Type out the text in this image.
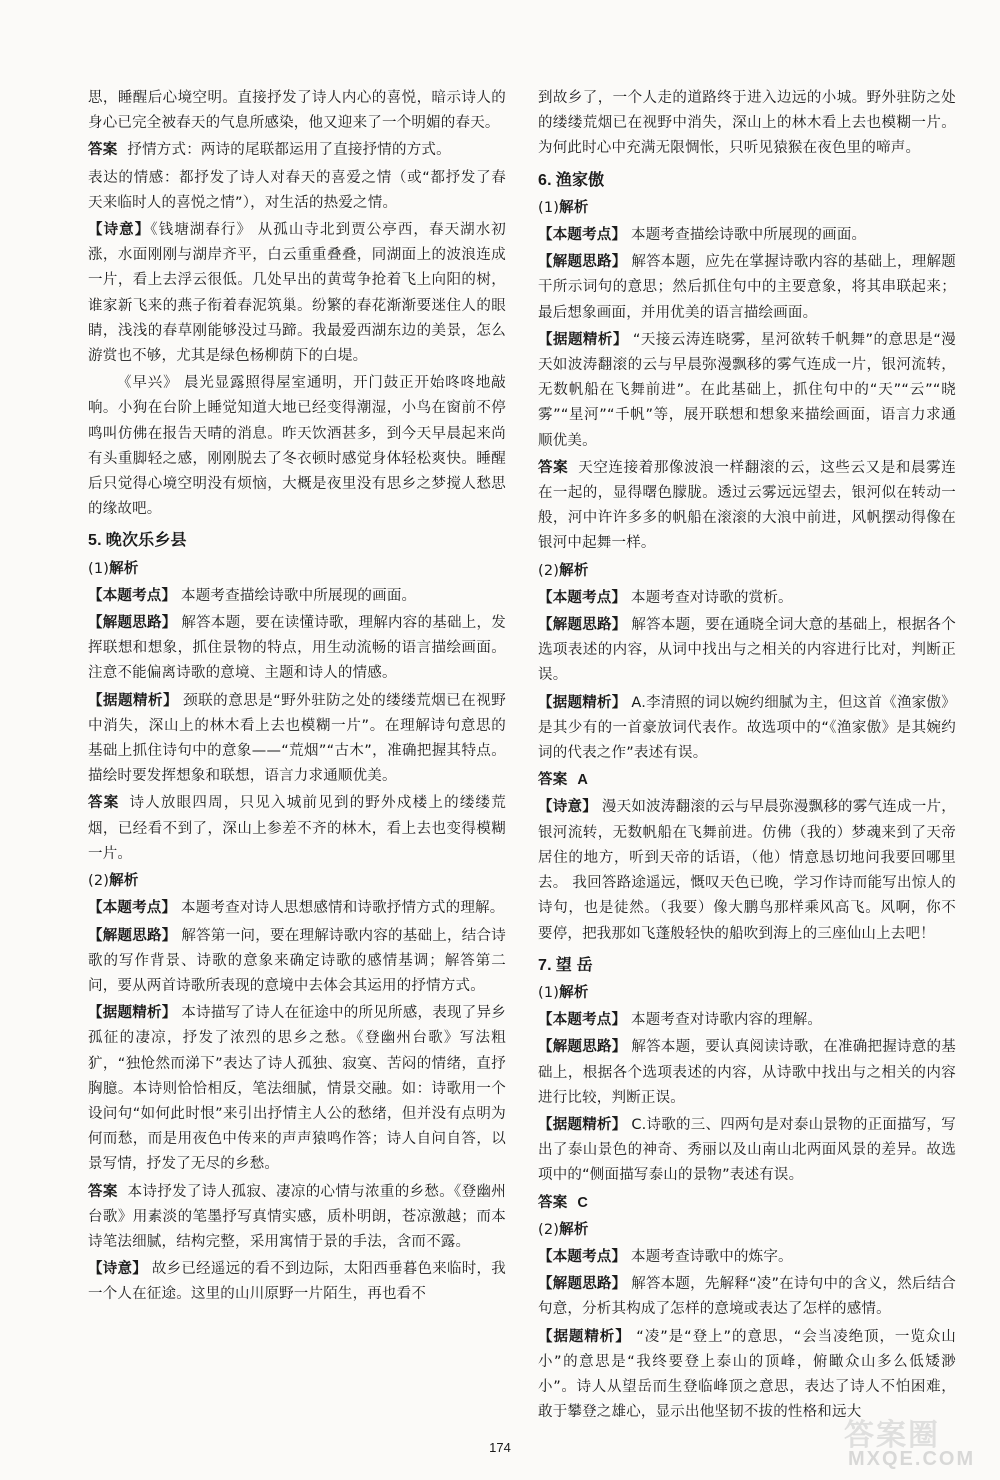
思，睡醒后心境空明。直接抒发了诗人内心的喜悦，暗示诗人的身心已完全被春天的气息所感染，他又迎来了一个明媚的春天。

答案 抒情方式：两诗的尾联都运用了直接抒情的方式。

表达的情感：都抒发了诗人对春天的喜爱之情（或“都抒发了春天来临时人的喜悦之情”），对生活的热爱之情。

【诗意】《钱塘湖春行》 从孤山寺北到贾公亭西，春天湖水初涨，水面刚刚与湖岸齐平，白云重重叠叠，同湖面上的波浪连成一片，看上去浮云很低。几处早出的黄莺争抢着飞上向阳的树，谁家新飞来的燕子衔着春泥筑巢。纷繁的春花渐渐要迷住人的眼睛，浅浅的春草刚能够没过马蹄。我最爱西湖东边的美景，怎么游赏也不够，尤其是绿色杨柳荫下的白堤。

《早兴》 晨光显露照得屋室通明，开门鼓正开始咚咚地敲响。小狗在台阶上睡觉知道大地已经变得潮湿，小鸟在窗前不停鸣叫仿佛在报告天晴的消息。昨天饮酒甚多，到今天早晨起来尚有头重脚轻之感，刚刚脱去了冬衣顿时感觉身体轻松爽快。睡醒后只觉得心境空明没有烦恼，大概是夜里没有思乡之梦搅人愁思的缘故吧。

5. 晚次乐乡县
(1)解析

【本题考点】 本题考查描绘诗歌中所展现的画面。

【解题思路】 解答本题，要在读懂诗歌，理解内容的基础上，发挥联想和想象，抓住景物的特点，用生动流畅的语言描绘画面。注意不能偏离诗歌的意境、主题和诗人的情感。

【据题精析】 颈联的意思是“野外驻防之处的缕缕荒烟已在视野中消失，深山上的林木看上去也模糊一片”。在理解诗句意思的基础上抓住诗句中的意象——“荒烟”“古木”，准确把握其特点。描绘时要发挥想象和联想，语言力求通顺优美。

答案 诗人放眼四周，只见入城前见到的野外戍楼上的缕缕荒烟，已经看不到了，深山上参差不齐的林木，看上去也变得模糊一片。

(2)解析

【本题考点】 本题考查对诗人思想感情和诗歌抒情方式的理解。

【解题思路】 解答第一问，要在理解诗歌内容的基础上，结合诗歌的写作背景、诗歌的意象来确定诗歌的感情基调；解答第二问，要从两首诗歌所表现的意境中去体会其运用的抒情方式。

【据题精析】 本诗描写了诗人在征途中的所见所感，表现了异乡孤征的凄凉，抒发了浓烈的思乡之愁。《登幽州台歌》写法粗犷，“独怆然而涕下”表达了诗人孤独、寂寞、苦闷的情绪，直抒胸臆。本诗则恰恰相反，笔法细腻，情景交融。如：诗歌用一个设问句“如何此时恨”来引出抒情主人公的愁绪，但并没有点明为何而愁，而是用夜色中传来的声声猿鸣作答；诗人自问自答，以景写情，抒发了无尽的乡愁。

答案 本诗抒发了诗人孤寂、凄凉的心情与浓重的乡愁。《登幽州台歌》用素淡的笔墨抒写真情实感，质朴明朗，苍凉激越；而本诗笔法细腻，结构完整，采用寓情于景的手法，含而不露。

【诗意】 故乡已经遥远的看不到边际，太阳西垂暮色来临时，我一个人在征途。这里的山川原野一片陌生，再也看不

到故乡了，一个人走的道路终于进入边远的小城。野外驻防之处的缕缕荒烟已在视野中消失，深山上的林木看上去也模糊一片。为何此时心中充满无限惆怅，只听见猿猴在夜色里的啼声。

6. 渔家傲
(1)解析

【本题考点】 本题考查描绘诗歌中所展现的画面。

【解题思路】 解答本题，应先在掌握诗歌内容的基础上，理解题干所示词句的意思；然后抓住句中的主要意象，将其串联起来；最后想象画面，并用优美的语言描绘画面。

【据题精析】 “天接云涛连晓雾，星河欲转千帆舞”的意思是“漫天如波涛翻滚的云与早晨弥漫飘移的雾气连成一片，银河流转，无数帆船在飞舞前进”。在此基础上，抓住句中的“天”“云”“晓雾”“星河”“千帆”等，展开联想和想象来描绘画面，语言力求通顺优美。

答案 天空连接着那像波浪一样翻滚的云，这些云又是和晨雾连在一起的，显得曙色朦胧。透过云雾远远望去，银河似在转动一般，河中许许多多的帆船在滚滚的大浪中前进，风帆摆动得像在银河中起舞一样。

(2)解析

【本题考点】 本题考查对诗歌的赏析。

【解题思路】 解答本题，要在通晓全词大意的基础上，根据各个选项表述的内容，从词中找出与之相关的内容进行比对，判断正误。

【据题精析】 A.李清照的词以婉约细腻为主，但这首《渔家傲》是其少有的一首豪放词代表作。故选项中的“《渔家傲》是其婉约词的代表之作”表述有误。

答案 A

【诗意】 漫天如波涛翻滚的云与早晨弥漫飘移的雾气连成一片，银河流转，无数帆船在飞舞前进。仿佛（我的）梦魂来到了天帝居住的地方，听到天帝的话语，（他）情意恳切地问我要回哪里去。 我回答路途遥远，慨叹天色已晚，学习作诗而能写出惊人的诗句，也是徒然。（我要）像大鹏鸟那样乘风高飞。风啊，你不要停，把我那如飞蓬般轻快的船吹到海上的三座仙山上去吧！

7. 望 岳
(1)解析

【本题考点】 本题考查对诗歌内容的理解。

【解题思路】 解答本题，要认真阅读诗歌，在准确把握诗意的基础上，根据各个选项表述的内容，从诗歌中找出与之相关的内容进行比较，判断正误。

【据题精析】 C.诗歌的三、四两句是对泰山景物的正面描写，写出了泰山景色的神奇、秀丽以及山南山北两面风景的差异。故选项中的“侧面描写泰山的景物”表述有误。

答案 C

(2)解析

【本题考点】 本题考查诗歌中的炼字。

【解题思路】 解答本题，先解释“凌”在诗句中的含义，然后结合句意，分析其构成了怎样的意境或表达了怎样的感情。

【据题精析】 “凌”是“登上”的意思，“会当凌绝顶，一览众山小”的意思是“我终要登上泰山的顶峰，俯瞰众山多么低矮渺小”。诗人从望岳而生登临峰顶之意思，表达了诗人不怕困难，敢于攀登之雄心，显示出他坚韧不拔的性格和远大

174	答案圈
MXQE.COM
